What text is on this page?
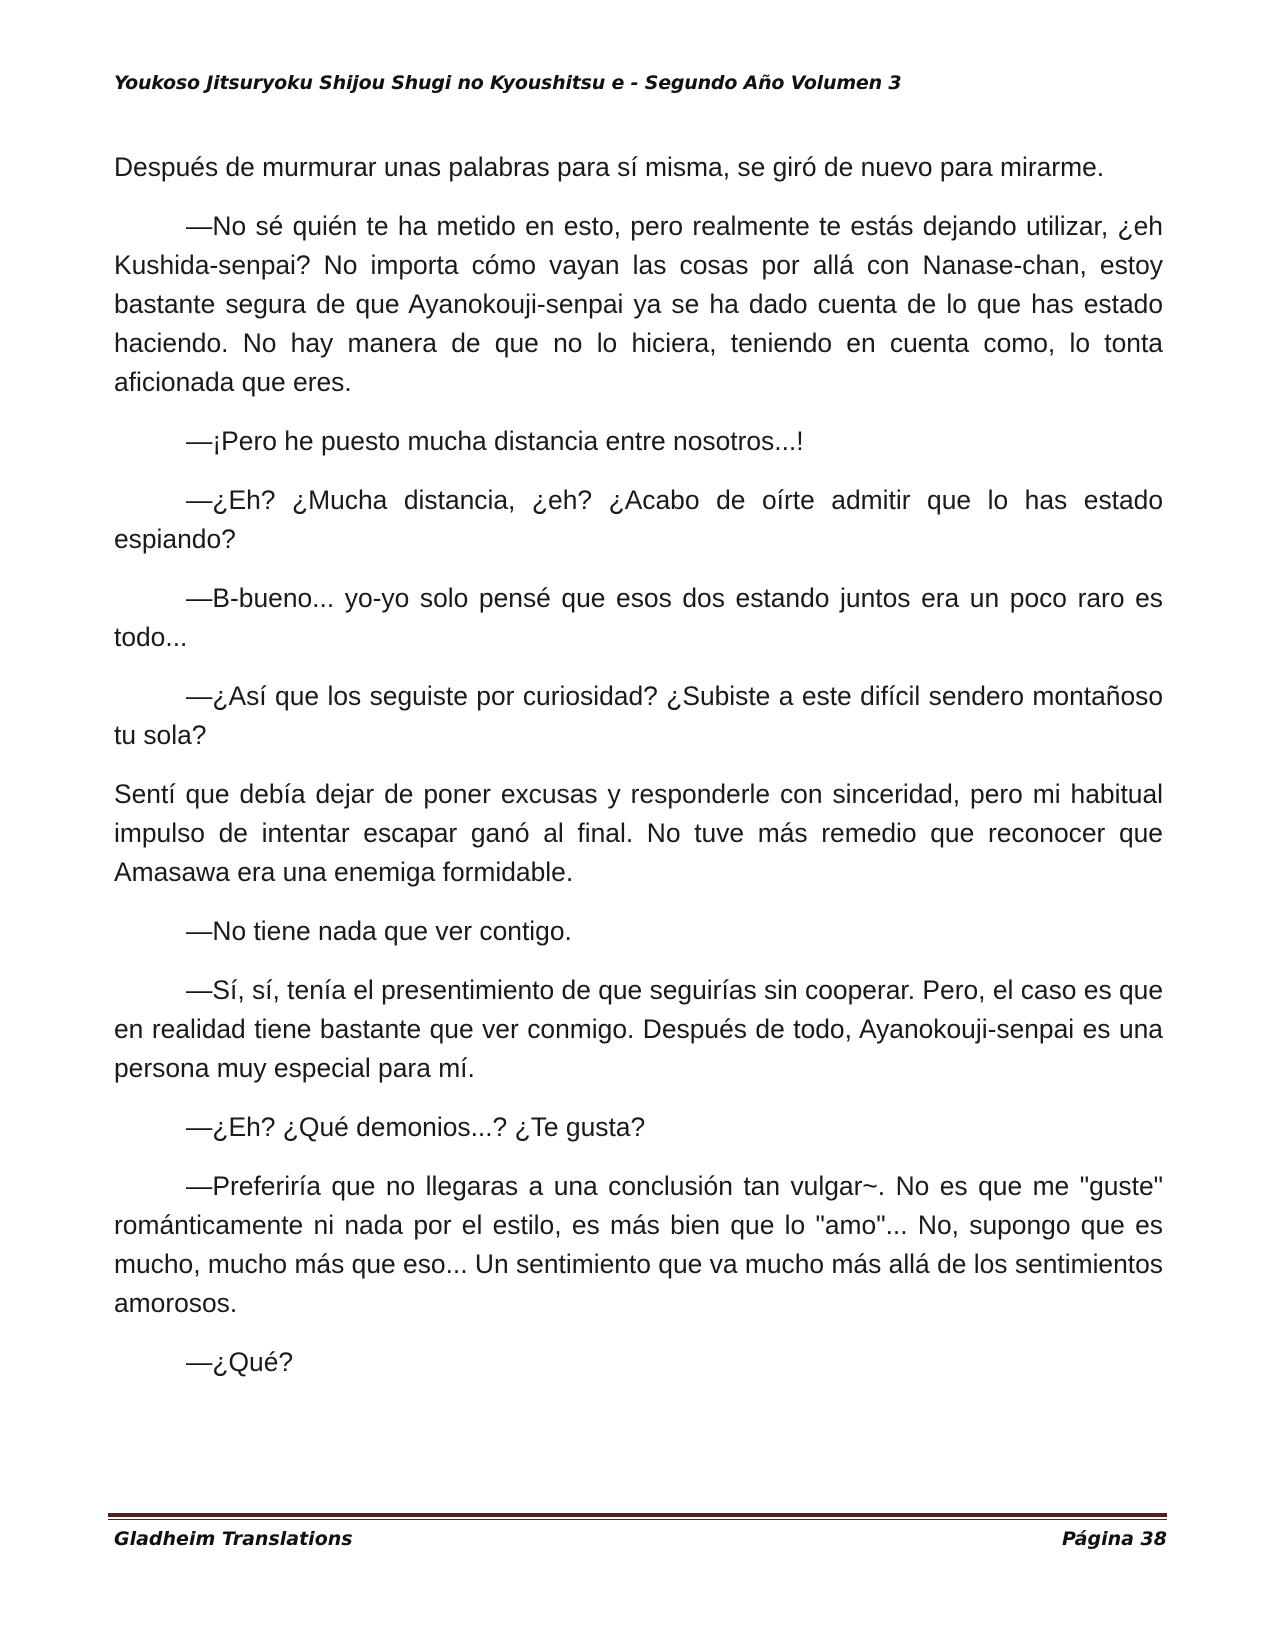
Youkoso Jitsuryoku Shijou Shugi no Kyoushitsu e - Segundo Año Volumen 3

Después de murmurar unas palabras para sí misma, se giró de nuevo para mirarme.

—No sé quién te ha metido en esto, pero realmente te estás dejando utilizar, ¿eh Kushida-senpai? No importa cómo vayan las cosas por allá con Nanase-chan, estoy bastante segura de que Ayanokouji-senpai ya se ha dado cuenta de lo que has estado haciendo. No hay manera de que no lo hiciera, teniendo en cuenta como, lo tonta aficionada que eres.

—¡Pero he puesto mucha distancia entre nosotros...!

—¿Eh? ¿Mucha distancia, ¿eh? ¿Acabo de oírte admitir que lo has estado espiando?

—B-bueno... yo-yo solo pensé que esos dos estando juntos era un poco raro es todo...

—¿Así que los seguiste por curiosidad? ¿Subiste a este difícil sendero montañoso tu sola?

Sentí que debía dejar de poner excusas y responderle con sinceridad, pero mi habitual impulso de intentar escapar ganó al final. No tuve más remedio que reconocer que Amasawa era una enemiga formidable.

—No tiene nada que ver contigo.

—Sí, sí, tenía el presentimiento de que seguirías sin cooperar. Pero, el caso es que en realidad tiene bastante que ver conmigo. Después de todo, Ayanokouji-senpai es una persona muy especial para mí.

—¿Eh? ¿Qué demonios...? ¿Te gusta?

—Preferiría que no llegaras a una conclusión tan vulgar~. No es que me "guste" románticamente ni nada por el estilo, es más bien que lo "amo"... No, supongo que es mucho, mucho más que eso... Un sentimiento que va mucho más allá de los sentimientos amorosos.

—¿Qué?

Gladheim Translations	Página 38
